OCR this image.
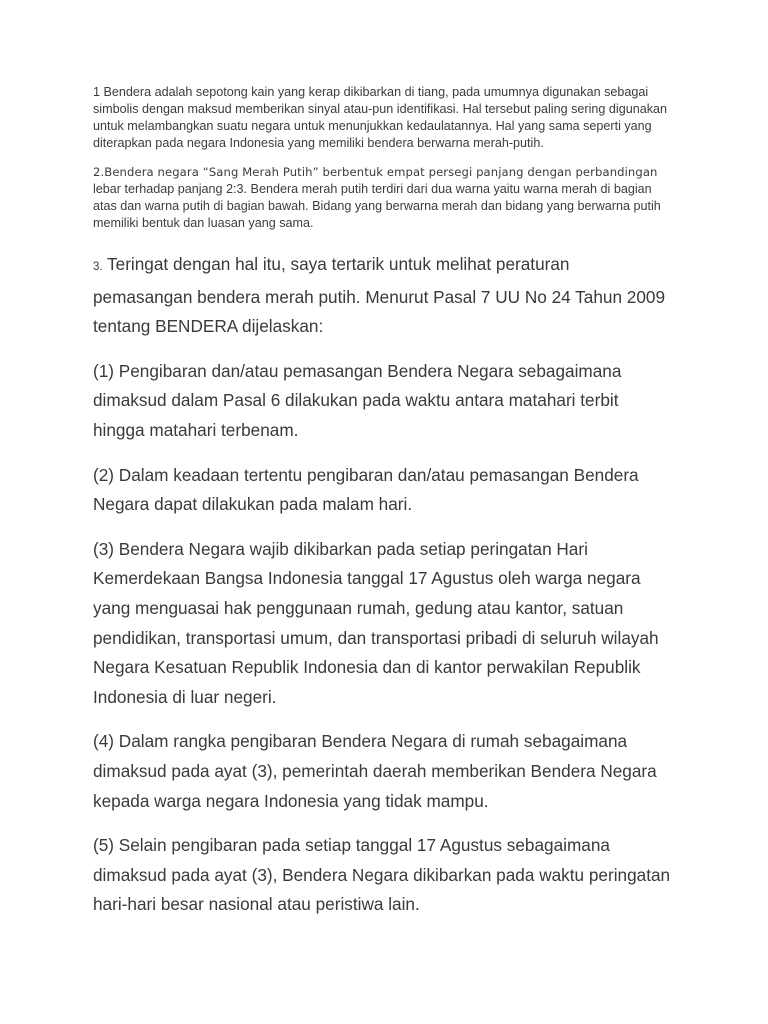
1 Bendera adalah sepotong kain yang kerap dikibarkan di tiang, pada umumnya digunakan sebagai simbolis dengan maksud memberikan sinyal atau-pun identifikasi. Hal tersebut paling sering digunakan untuk melambangkan suatu negara untuk menunjukkan kedaulatannya. Hal yang sama seperti yang diterapkan pada negara Indonesia yang memiliki bendera berwarna merah-putih.

2.Bendera negara “Sang Merah Putih” berbentuk empat persegi panjang dengan perbandingan lebar terhadap panjang 2:3. Bendera merah putih terdiri dari dua warna yaitu warna merah di bagian atas dan warna putih di bagian bawah. Bidang yang berwarna merah dan bidang yang berwarna putih memiliki bentuk dan luasan yang sama.

3. Teringat dengan hal itu, saya tertarik untuk melihat peraturan pemasangan bendera merah putih. Menurut Pasal 7 UU No 24 Tahun 2009 tentang BENDERA dijelaskan:

(1) Pengibaran dan/atau pemasangan Bendera Negara sebagaimana dimaksud dalam Pasal 6 dilakukan pada waktu antara matahari terbit hingga matahari terbenam.

(2) Dalam keadaan tertentu pengibaran dan/atau pemasangan Bendera Negara dapat dilakukan pada malam hari.

(3) Bendera Negara wajib dikibarkan pada setiap peringatan Hari Kemerdekaan Bangsa Indonesia tanggal 17 Agustus oleh warga negara yang menguasai hak penggunaan rumah, gedung atau kantor, satuan pendidikan, transportasi umum, dan transportasi pribadi di seluruh wilayah Negara Kesatuan Republik Indonesia dan di kantor perwakilan Republik Indonesia di luar negeri.

(4) Dalam rangka pengibaran Bendera Negara di rumah sebagaimana dimaksud pada ayat (3), pemerintah daerah memberikan Bendera Negara kepada warga negara Indonesia yang tidak mampu.

(5) Selain pengibaran pada setiap tanggal 17 Agustus sebagaimana dimaksud pada ayat (3), Bendera Negara dikibarkan pada waktu peringatan hari-hari besar nasional atau peristiwa lain.
